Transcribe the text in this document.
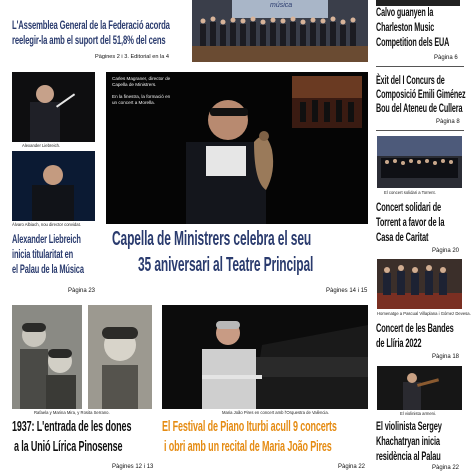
L'Assemblea General de la Federació acorda
reelegir-la amb el suport del 51,8% del cens
Pàgines 2 i 3. Editorial en la 4
música	Calvo guanyen la
Charleston Music
Competition dels EUA
Pàgina 6
Èxit del I Concurs de
Composició Emili Giménez
Bou del Ateneu de Cullera
Pàgina 8
El concert solidari a Torrent.
Concert solidari de
Torrent a favor de la
Casa de Caritat
Pàgina 20
Homenatge a Pascual Villaplana i Gómez Devesa.
Concert de les Bandes
de Llíria 2022
Pàgina 18
El violinista armeni.
El violinista Sergey
Khachatryan inicia
residència al Palau
Pàgina 22
Alexander Liebreich.
Álvaro Albiach, nou director convidat.
Alexander Liebreich
inicia titularitat en
el Palau de la Música
Pàgina 23
Carles Magraner, director de
Capella de Ministrers.
En la finestra, la formació en
un concert a Morella.
Capella de Ministrers celebra el seu
35 aniversari al Teatre Principal
Pàgines 14 i 15
Rafaela y Marina Mira, y Rosita Serrano.
1937: L'entrada de les dones
a la Unió Lírica Pinosense
Pàgines 12 i 13
Maria João Pires en concert amb l'Orquestra de València.
El Festival de Piano Iturbi acull 9 concerts
i obri amb un recital de Maria João Pires
Pàgina 22
